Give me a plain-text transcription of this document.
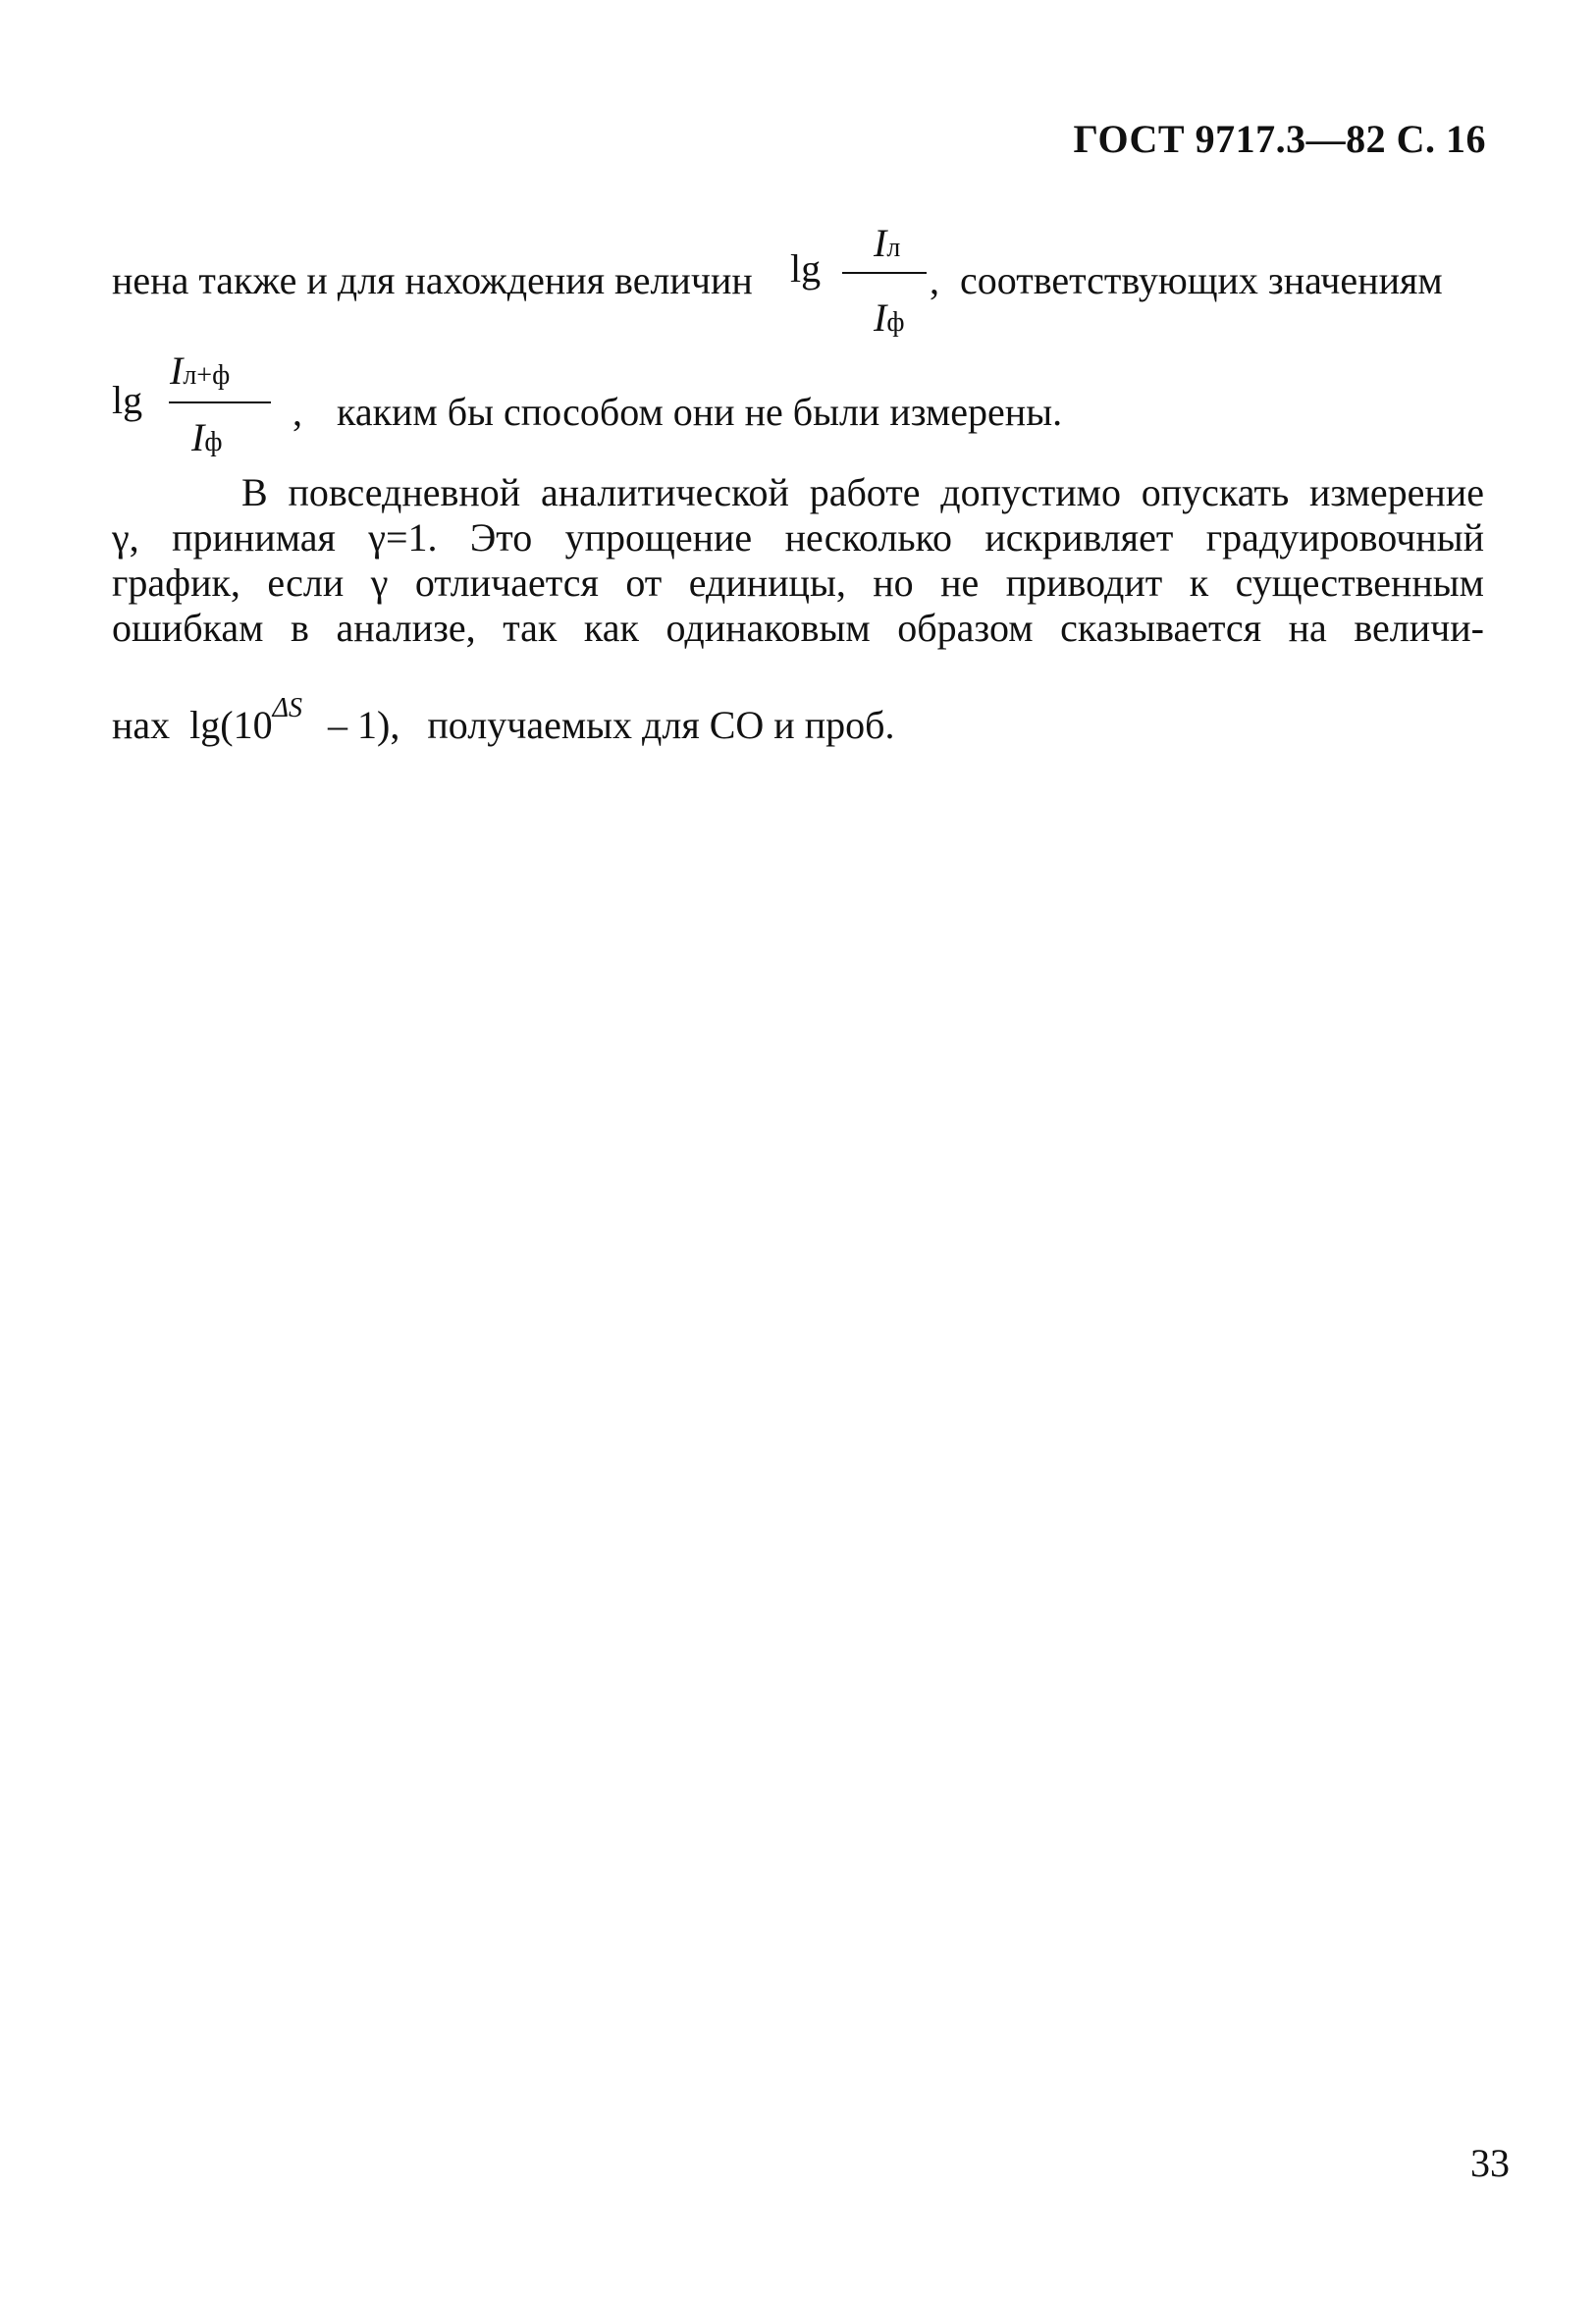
ГОСТ 9717.3—82 С. 16
нена также и для нахождения величин lg
Iл
Iф
, соответствующих значениям
lg
Iл+ф
Iф
, каким бы способом они не были измерены.
В повседневной аналитической работе допустимо опускать измерение
γ, принимая γ=1. Это упрощение несколько искривляет градуировочный
график, если γ отличается от единицы, но не приводит к существенным
ошибкам в анализе, так как одинаковым образом сказывается на величи-
нах $\lg(10^{\Delta S} - 1)$, получаемых для СО и проб.
33
